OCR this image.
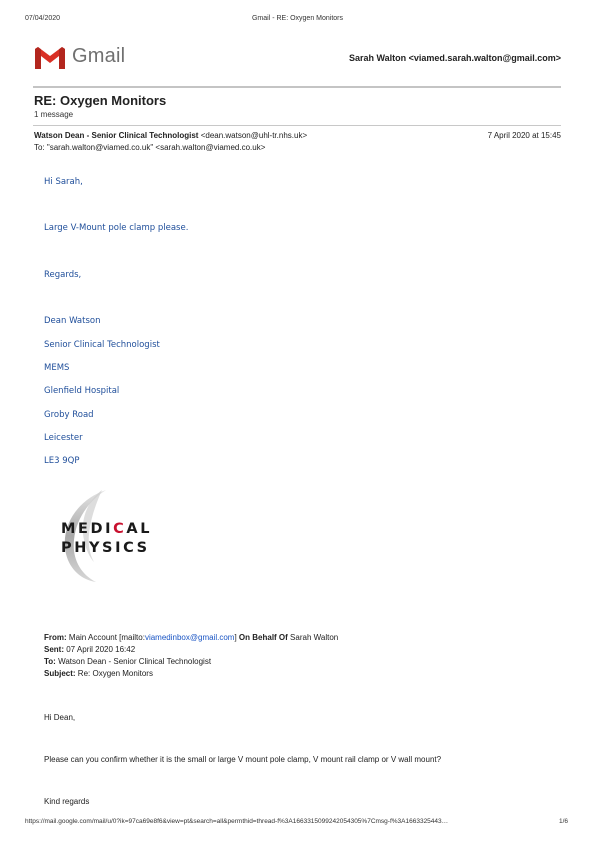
07/04/2020	Gmail - RE: Oxygen Monitors
Gmail	Sarah Walton <viamed.sarah.walton@gmail.com>
RE: Oxygen Monitors
1 message
Watson Dean - Senior Clinical Technologist <dean.watson@uhl-tr.nhs.uk>	7 April 2020 at 15:45
To: "sarah.walton@viamed.co.uk" <sarah.walton@viamed.co.uk>
Hi Sarah,
Large V-Mount pole clamp please.
Regards,
Dean Watson
Senior Clinical Technologist
MEMS
Glenfield Hospital
Groby Road
Leicester
LE3 9QP
MEDICAL
PHYSICS
From: Main Account [mailto:viamedinbox@gmail.com] On Behalf Of Sarah Walton
Sent: 07 April 2020 16:42
To: Watson Dean - Senior Clinical Technologist
Subject: Re: Oxygen Monitors
Hi Dean,
Please can you confirm whether it is the small or large V mount pole clamp, V mount rail clamp or V wall mount?
Kind regards
https://mail.google.com/mail/u/0?ik=97ca69e8f6&view=pt&search=all&permthid=thread-f%3A1663315099242054305%7Cmsg-f%3A1663325443…	1/6
